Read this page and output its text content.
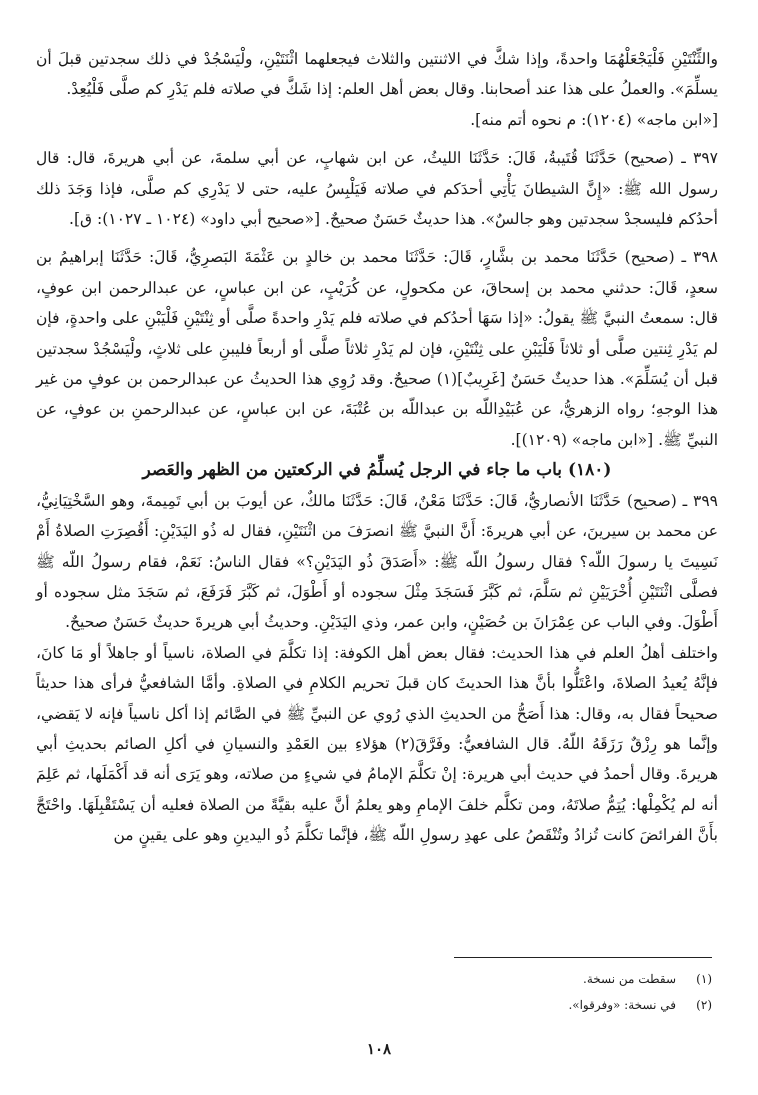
والثِّنْتَيْنِ فَلْيَجْعَلْهُمَا واحدةً، وإذا شكَّ في الاثنتين والثلاث فيجعلهما اثْنَتَيْنِ، ولْيَسْجُدْ في ذلك سجدتين قبلَ أن يسلِّمَ». والعملُ على هذا عند أصحابنا. وقال بعض أهل العلم: إذا شَكَّ في صلاته فلم يَدْرِ كم صلَّى فَلْيُعِدْ.
[«ابن ماجه» (١٢٠٤): م نحوه أتم منه].

٣٩٧ ـ (صحيح) حَدَّثَنَا قُتَيبةُ، قَالَ: حَدَّثَنَا الليثُ، عن ابن شهابٍ، عن أبي سلمةَ، عن أبي هريرةَ، قال: قال رسول الله ﷺ: «إِنَّ الشيطانَ يَأْتِي أحدَكم في صلاته فَيَلْبِسُ عليه، حتى لا يَدْرِي كم صلَّى، فإذا وَجَدَ ذلك أحدُكم فليسجدْ سجدتين وهو جالسٌ». هذا حديثٌ حَسَنٌ صحيحٌ. [«صحيح أبي داود» (١٠٢٤ ـ ١٠٢٧): ق].

٣٩٨ ـ (صحيح) حَدَّثَنَا محمد بن بشَّارٍ، قَالَ: حَدَّثَنَا محمد بن خالدٍ بن عَثْمَةَ البَصرِيُّ، قَالَ: حَدَّثَنَا إبراهيمُ بن سعدٍ، قَالَ: حدثني محمد بن إسحاقَ، عن مكحولٍ، عن كُرَيْبٍ، عن ابن عباسٍ، عن عبدالرحمن ابن عوفٍ، قال: سمعتُ النبيَّ ﷺ يقولُ: «إذا سَهَا أحدُكم في صلاته فلم يَدْرِ واحدةً صلَّى أو ثِنْتَيْنِ فَلْيَبْنِ على واحدةٍ، فإن لم يَدْرِ ثِنتين صلَّى أو ثلاثاً فَلْيَبْنِ على ثِنْتَيْنِ، فإن لم يَدْرِ ثلاثاً صلَّى أو أربعاً فليبنِ على ثلاثٍ، ولْيَسْجُدْ سجدتين قبل أن يُسَلِّمَ». هذا حديثٌ حَسَنٌ [غَرِيبٌ](١) صحيحٌ. وقد رُوِي هذا الحديثُ عن عبدالرحمن بن عوفٍ من غير هذا الوجهِ؛ رواه الزهريُّ، عن عُبَيْدِاللّه بن عبداللّه بن عُتْبَةَ، عن ابن عباسٍ، عن عبدالرحمنِ بن عوفٍ، عن النبيِّ ﷺ. [«ابن ماجه» (١٢٠٩)].

(١٨٠) باب ما جاء في الرجل يُسلِّمُ في الركعتين من الظهر والعَصر

٣٩٩ ـ (صحيح) حَدَّثَنَا الأنصاريُّ، قَالَ: حَدَّثَنَا مَعْنٌ، قَالَ: حَدَّثَنَا مالكٌ، عن أيوبَ بن أبي تَمِيمةَ، وهو السَّخْتِيَانِيُّ، عن محمد بن سيرينَ، عن أبي هريرةَ: أَنَّ النبيَّ ﷺ انصرَفَ من اثْنَتَيْنِ، فقال له ذُو اليَدَيْنِ: أَقُصِرَتِ الصلاةُ أَمْ نَسِيتَ يا رسولَ اللّه؟ فقال رسولُ اللّه ﷺ: «أَصَدَقَ ذُو اليَدَيْنِ؟» فقال الناسُ: نَعَمْ، فقام رسولُ اللّه ﷺ فصلَّى اثْنَتَيْنِ أُخْرَيَيْنِ ثم سَلَّمَ، ثم كَبَّرَ فَسَجَدَ مِثْلَ سجوده أو أَطْوَلَ، ثم كَبَّرَ فَرَفَعَ، ثم سَجَدَ مثل سجوده أو أَطْوَلَ. وفي الباب عن عِمْرَانَ بن حُصَيْنٍ، وابن عمر، وذي اليَدَيْنِ. وحديثُ أبي هريرةَ حديثٌ حَسَنٌ صحيحٌ.

واختلف أهلُ العلم في هذا الحديث: فقال بعض أهل الكوفة: إذا تكلَّمَ في الصلاة، ناسياً أو جاهلاً أو مَا كانَ، فإنَّهُ يُعيدُ الصلاةَ، واعْتَلُّوا بأنَّ هذا الحديثَ كان قبلَ تحريم الكلامِ في الصلاةِ. وأمَّا الشافعيُّ فرأى هذا حديثاً صحيحاً فقال به، وقال: هذا أَصَحُّ من الحديثِ الذي رُوي عن النبيِّ ﷺ في الصَّائم إذا أكل ناسياً فإنه لا يَقضي، وإنَّما هو رِزْقٌ رَزَقَهُ اللّهُ. قال الشافعيُّ: وفَرَّقَ(٢) هؤلاءِ بين العَمْدِ والنسيانِ في أكلِ الصائم بحديثِ أبي هريرةَ. وقال أحمدُ في حديث أبي هريرة: إنْ تكلَّمَ الإمامُ في شيءٍ من صلاته، وهو يَرَى أنه قد أَكْمَلَها، ثم عَلِمَ أنه لم يُكْمِلْها: يُتِمُّ صلاتَهُ، ومن تكلَّم خلفَ الإمامِ وهو يعلمُ أنَّ عليه بقيَّةً من الصلاة فعليه أن يَسْتَقْبِلَهَا. واحْتَجَّ بأَنَّ الفرائضَ كانت تُزادُ وتُنْقَصُ على عهدِ رسولِ اللّه ﷺ، فإنَّما تكلَّمَ ذُو اليدينِ وهو على يقينٍ من

(١)
سقطت من نسخة.
(٢)
في نسخة: «وفرقوا».
١٠٨
